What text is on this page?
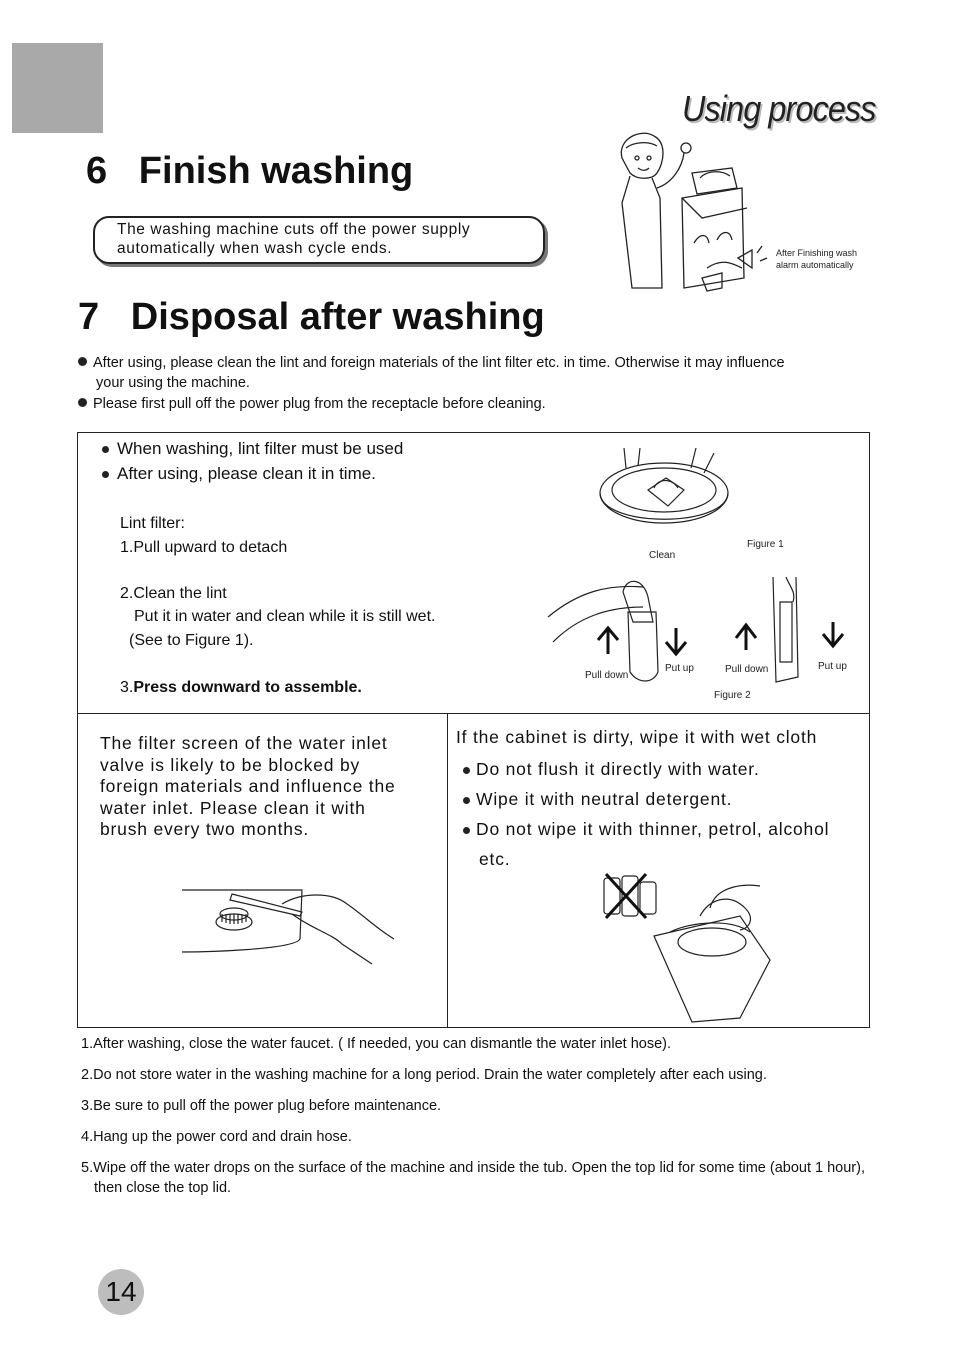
Using process
6   Finish washing
The washing machine cuts off the power supply
automatically when wash cycle ends.	After Finishing wash
alarm automatically
7   Disposal after washing
After using, please clean the lint and foreign materials of the lint filter etc. in time. Otherwise it may influence
your using the machine.
Please first pull off the power plug from the receptacle before cleaning.
When washing, lint filter must be used
After using, please clean it in time.
Lint filter:
1.Pull upward to detach
2.Clean the lint
Put it in water and clean while it is still wet.
(See to Figure 1).
3.Press downward to assemble.
Clean
Figure 1
Pull down
Put up	Pull down	Put up
Figure 2
The filter screen of the water inlet
valve is likely to be blocked by
foreign materials and influence the
water inlet. Please clean it with
brush every two months.
If the cabinet is dirty, wipe it with wet cloth
Do not flush it directly with water.
Wipe it with neutral detergent.
Do not wipe it with thinner, petrol, alcohol
etc.
1.After washing, close the water faucet. ( If needed, you can dismantle the water inlet hose).
2.Do not store water in the washing machine for a long period. Drain the water completely after each using.
3.Be sure to pull off the power plug before maintenance.
4.Hang up the power cord and drain hose.
5.Wipe off the water drops on the surface of the machine and inside the tub. Open the top lid for some time (about 1 hour),
then close the top lid.
14
